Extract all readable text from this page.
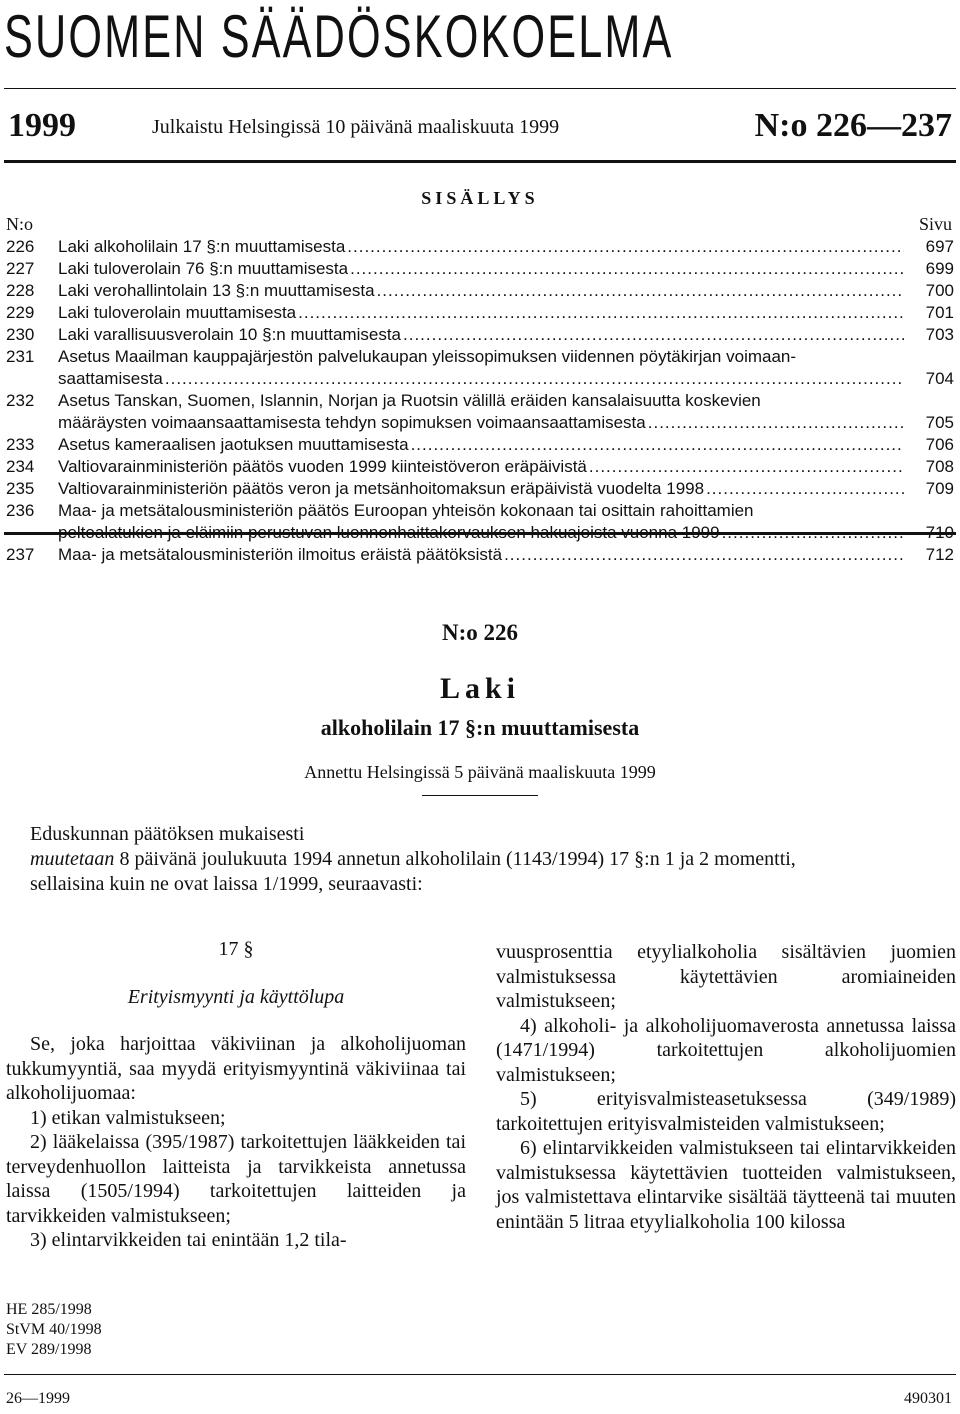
SUOMEN SÄÄDÖSKOKOELMA
1999	Julkaistu Helsingissä 10 päivänä maaliskuuta 1999	N:o 226—237
SISÄLLYS
N:o	Sivu
226	Laki alkoholilain 17 §:n muuttamisesta .....	697
227	Laki tuloverolain 76 §:n muuttamisesta .....	699
228	Laki verohallintolain 13 §:n muuttamisesta .....	700
229	Laki tuloverolain muuttamisesta .....	701
230	Laki varallisuusverolain 10 §:n muuttamisesta .....	703
231	Asetus Maailman kauppajärjestön palvelukaupan yleissopimuksen viidennen pöytäkirjan voimaan-
saattamisesta .....	704
232	Asetus Tanskan, Suomen, Islannin, Norjan ja Ruotsin välillä eräiden kansalaisuutta koskevien
määräysten voimaansaattamisesta tehdyn sopimuksen voimaansaattamisesta .....	705
233	Asetus kameraalisen jaotuksen muuttamisesta .....	706
234	Valtiovarainministeriön päätös vuoden 1999 kiinteistöveron eräpäivistä .....	708
235	Valtiovarainministeriön päätös veron ja metsänhoitomaksun eräpäivistä vuodelta 1998 .....	709
236	Maa- ja metsätalousministeriön päätös Euroopan yhteisön kokonaan tai osittain rahoittamien
peltoalatukien ja eläimiin perustuvan luonnonhaittakorvauksen hakuajoista vuonna 1999 .....	710
237	Maa- ja metsätalousministeriön ilmoitus eräistä päätöksistä .....	712
N:o 226
Laki
alkoholilain 17 §:n muuttamisesta
Annettu Helsingissä 5 päivänä maaliskuuta 1999

Eduskunnan päätöksen mukaisesti

muutetaan 8 päivänä joulukuuta 1994 annetun alkoholilain (1143/1994) 17 §:n 1 ja 2 momentti,

sellaisina kuin ne ovat laissa 1/1999, seuraavasti:

17 §
Erityismyynti ja käyttölupa

Se, joka harjoittaa väkiviinan ja alkoholijuoman tukkumyyntiä, saa myydä erityismyyntinä väkiviinaa tai alkoholijuomaa:

1) etikan valmistukseen;

2) lääkelaissa (395/1987) tarkoitettujen lääkkeiden tai terveydenhuollon laitteista ja tarvikkeista annetussa laissa (1505/1994) tarkoitettujen laitteiden ja tarvikkeiden valmistukseen;

3) elintarvikkeiden tai enintään 1,2 tila-

vuusprosenttia etyylialkoholia sisältävien juomien valmistuksessa käytettävien aromiaineiden valmistukseen;

4) alkoholi- ja alkoholijuomaverosta annetussa laissa (1471/1994) tarkoitettujen alkoholijuomien valmistukseen;

5) erityisvalmisteasetuksessa (349/1989) tarkoitettujen erityisvalmisteiden valmistukseen;

6) elintarvikkeiden valmistukseen tai elintarvikkeiden valmistuksessa käytettävien tuotteiden valmistukseen, jos valmistettava elintarvike sisältää täytteenä tai muuten enintään 5 litraa etyylialkoholia 100 kilossa

HE 285/1998
StVM 40/1998
EV 289/1998
26—1999	490301
